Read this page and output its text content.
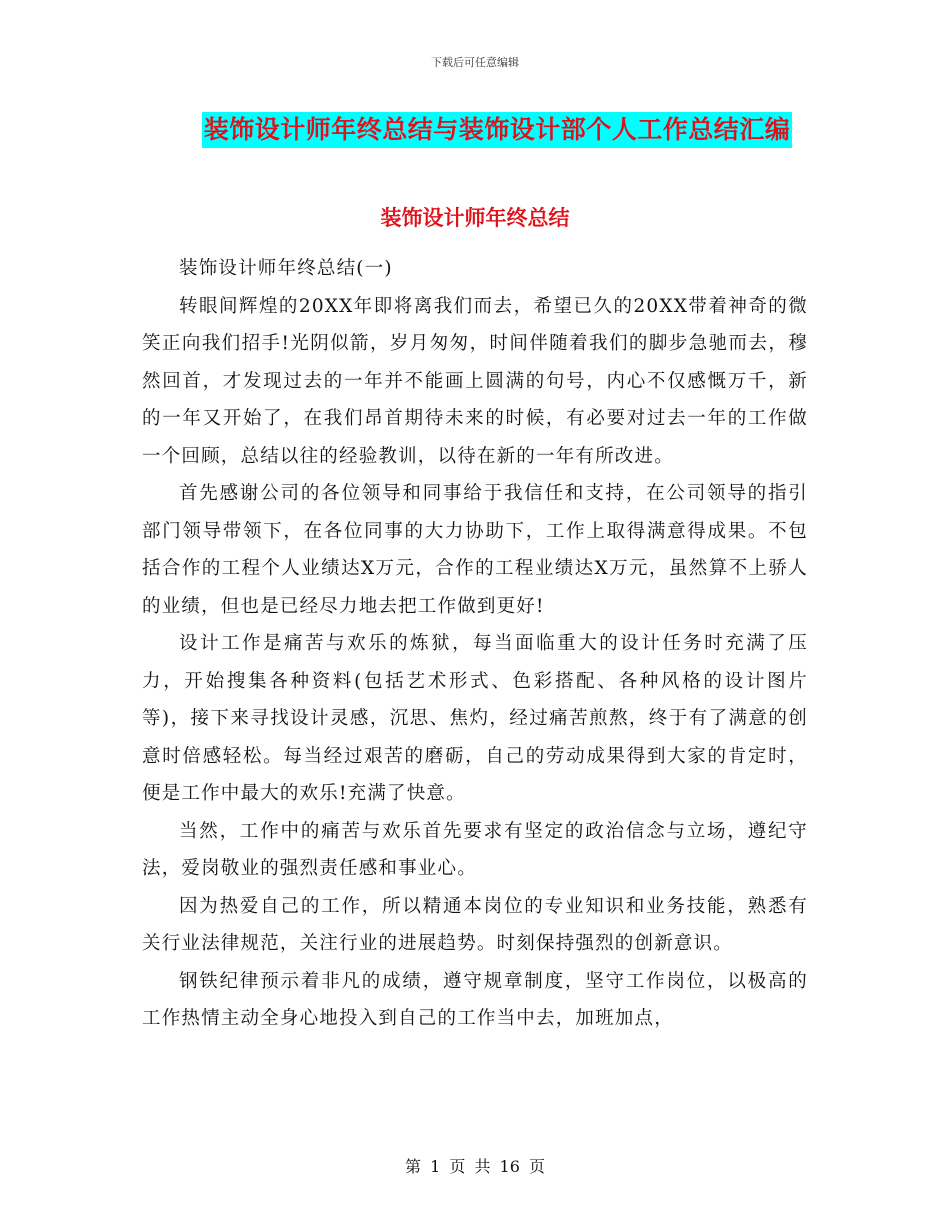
下载后可任意编辑
装饰设计师年终总结与装饰设计部个人工作总结汇编
装饰设计师年终总结

装饰设计师年终总结(一)

转眼间辉煌的20XX年即将离我们而去，希望已久的20XX带着神奇的微笑正向我们招手!光阴似箭，岁月匆匆，时间伴随着我们的脚步急驰而去，穆然回首，才发现过去的一年并不能画上圆满的句号，内心不仅感慨万千，新的一年又开始了，在我们昂首期待未来的时候，有必要对过去一年的工作做一个回顾，总结以往的经验教训，以待在新的一年有所改进。

首先感谢公司的各位领导和同事给于我信任和支持，在公司领导的指引部门领导带领下，在各位同事的大力协助下，工作上取得满意得成果。不包括合作的工程个人业绩达X万元，合作的工程业绩达X万元，虽然算不上骄人的业绩，但也是已经尽力地去把工作做到更好!

设计工作是痛苦与欢乐的炼狱，每当面临重大的设计任务时充满了压力，开始搜集各种资料(包括艺术形式、色彩搭配、各种风格的设计图片等)，接下来寻找设计灵感，沉思、焦灼，经过痛苦煎熬，终于有了满意的创意时倍感轻松。每当经过艰苦的磨砺，自己的劳动成果得到大家的肯定时，便是工作中最大的欢乐!充满了快意。

当然，工作中的痛苦与欢乐首先要求有坚定的政治信念与立场，遵纪守法，爱岗敬业的强烈责任感和事业心。

因为热爱自己的工作，所以精通本岗位的专业知识和业务技能，熟悉有关行业法律规范，关注行业的进展趋势。时刻保持强烈的创新意识。

钢铁纪律预示着非凡的成绩，遵守规章制度，坚守工作岗位，以极高的工作热情主动全身心地投入到自己的工作当中去，加班加点，

第 1 页 共 16 页
